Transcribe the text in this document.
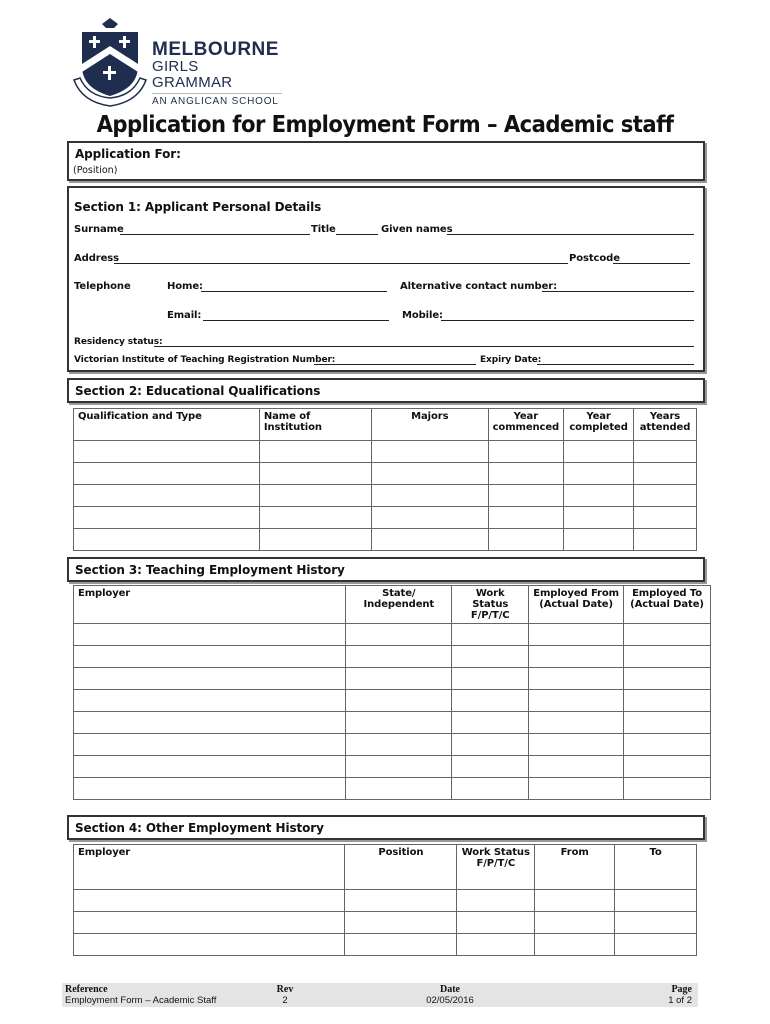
MELBOURNE
GIRLS GRAMMAR
AN ANGLICAN SCHOOL
Application for Employment Form – Academic staff
Application For:
(Position)
Section 1: Applicant Personal Details
Surname	Title	Given names
Address	Postcode
Telephone	Home:	Alternative contact number:
Email:	Mobile:
Residency status:
Victorian Institute of Teaching Registration Number:	Expiry Date:
Section 2: Educational Qualifications
Qualification and Type	Name of Institution	Majors	Year commenced	Year completed	Years attended

Section 3: Teaching Employment History
Employer	State/ Independent	Work Status F/P/T/C	Employed From (Actual Date)	Employed To (Actual Date)

Section 4: Other Employment History
Employer	Position	Work Status F/P/T/C	From	To

Reference
Employment Form – Academic Staff
Rev
2
Date
02/05/2016
Page
1 of 2
